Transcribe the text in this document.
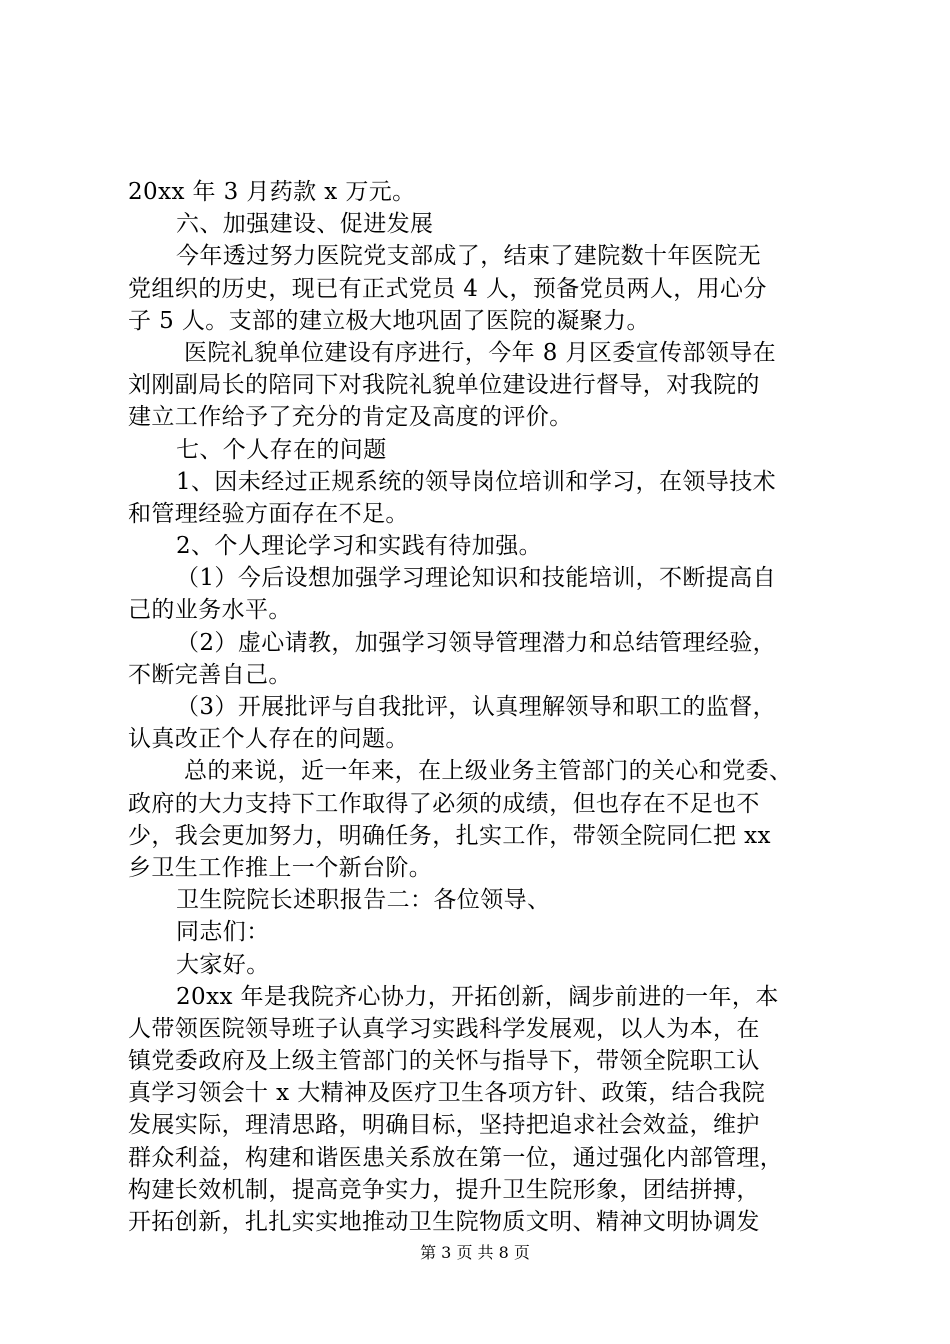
20xx 年 3 月药款 x 万元。
六、加强建设、促进发展
今年透过努力医院党支部成了，结束了建院数十年医院无
党组织的历史，现已有正式党员 4 人，预备党员两人，用心分
子 5 人。支部的建立极大地巩固了医院的凝聚力。
医院礼貌单位建设有序进行，今年 8 月区委宣传部领导在
刘刚副局长的陪同下对我院礼貌单位建设进行督导，对我院的
建立工作给予了充分的肯定及高度的评价。
七、个人存在的问题
1、因未经过正规系统的领导岗位培训和学习，在领导技术
和管理经验方面存在不足。
2、个人理论学习和实践有待加强。
（1）今后设想加强学习理论知识和技能培训，不断提高自
己的业务水平。
（2）虚心请教，加强学习领导管理潜力和总结管理经验，
不断完善自己。
（3）开展批评与自我批评，认真理解领导和职工的监督，
认真改正个人存在的问题。
总的来说，近一年来，在上级业务主管部门的关心和党委、
政府的大力支持下工作取得了必须的成绩，但也存在不足也不
少，我会更加努力，明确任务，扎实工作，带领全院同仁把 xx
乡卫生工作推上一个新台阶。
卫生院院长述职报告二：各位领导、
同志们：
大家好。
20xx 年是我院齐心协力，开拓创新，阔步前进的一年，本
人带领医院领导班子认真学习实践科学发展观，以人为本，在
镇党委政府及上级主管部门的关怀与指导下，带领全院职工认
真学习领会十 x 大精神及医疗卫生各项方针、政策，结合我院
发展实际，理清思路，明确目标，坚持把追求社会效益，维护
群众利益，构建和谐医患关系放在第一位，通过强化内部管理，
构建长效机制，提高竞争实力，提升卫生院形象，团结拼搏，
开拓创新，扎扎实实地推动卫生院物质文明、精神文明协调发
第 3 页 共 8 页
